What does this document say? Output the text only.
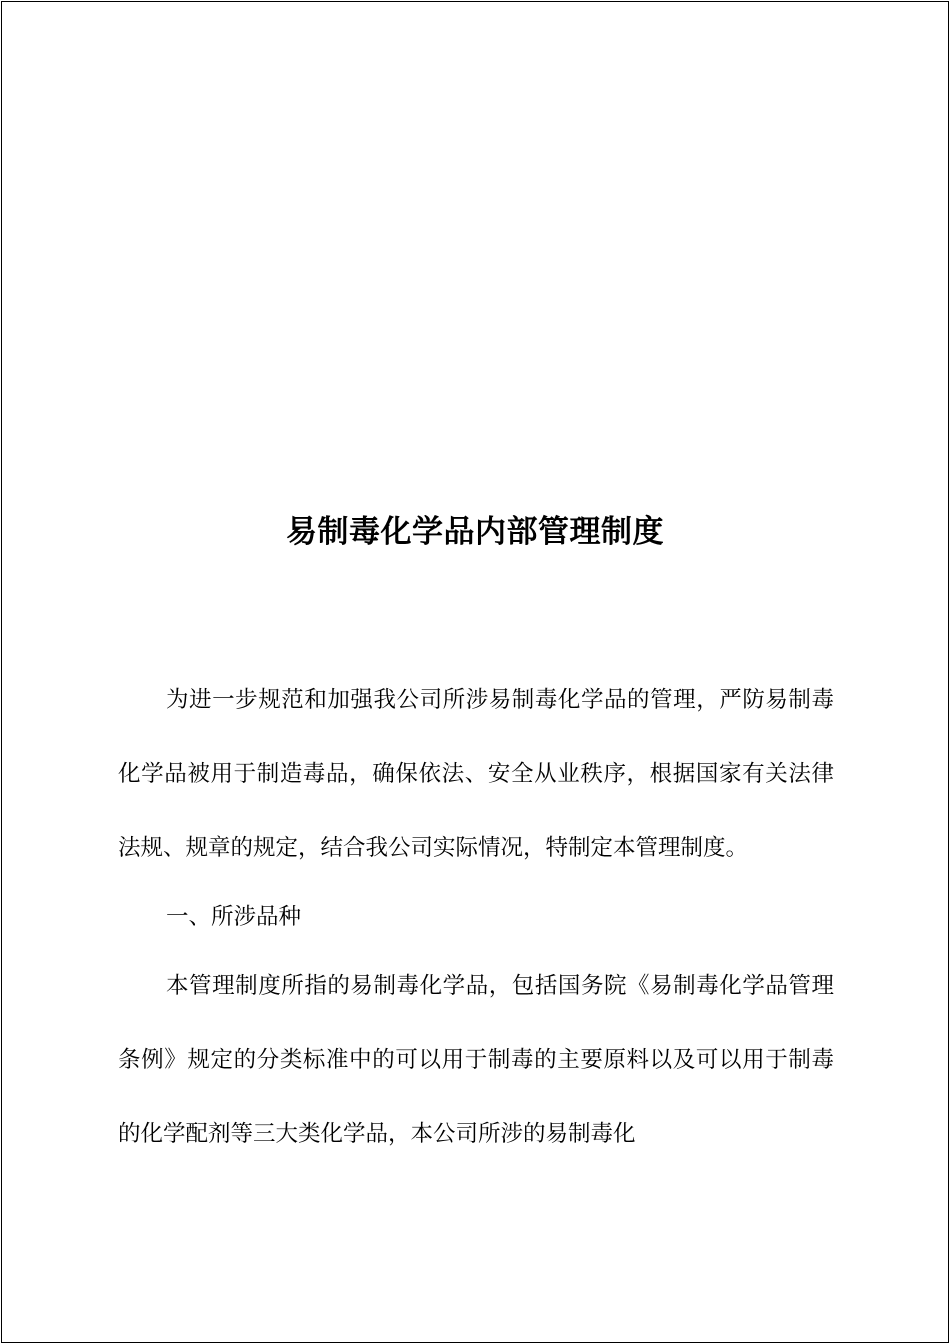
易制毒化学品内部管理制度

为进一步规范和加强我公司所涉易制毒化学品的管理，严防易制毒化学品被用于制造毒品，确保依法、安全从业秩序，根据国家有关法律法规、规章的规定，结合我公司实际情况，特制定本管理制度。

一、所涉品种

本管理制度所指的易制毒化学品，包括国务院《易制毒化学品管理条例》规定的分类标准中的可以用于制毒的主要原料以及可以用于制毒的化学配剂等三大类化学品，本公司所涉的易制毒化
